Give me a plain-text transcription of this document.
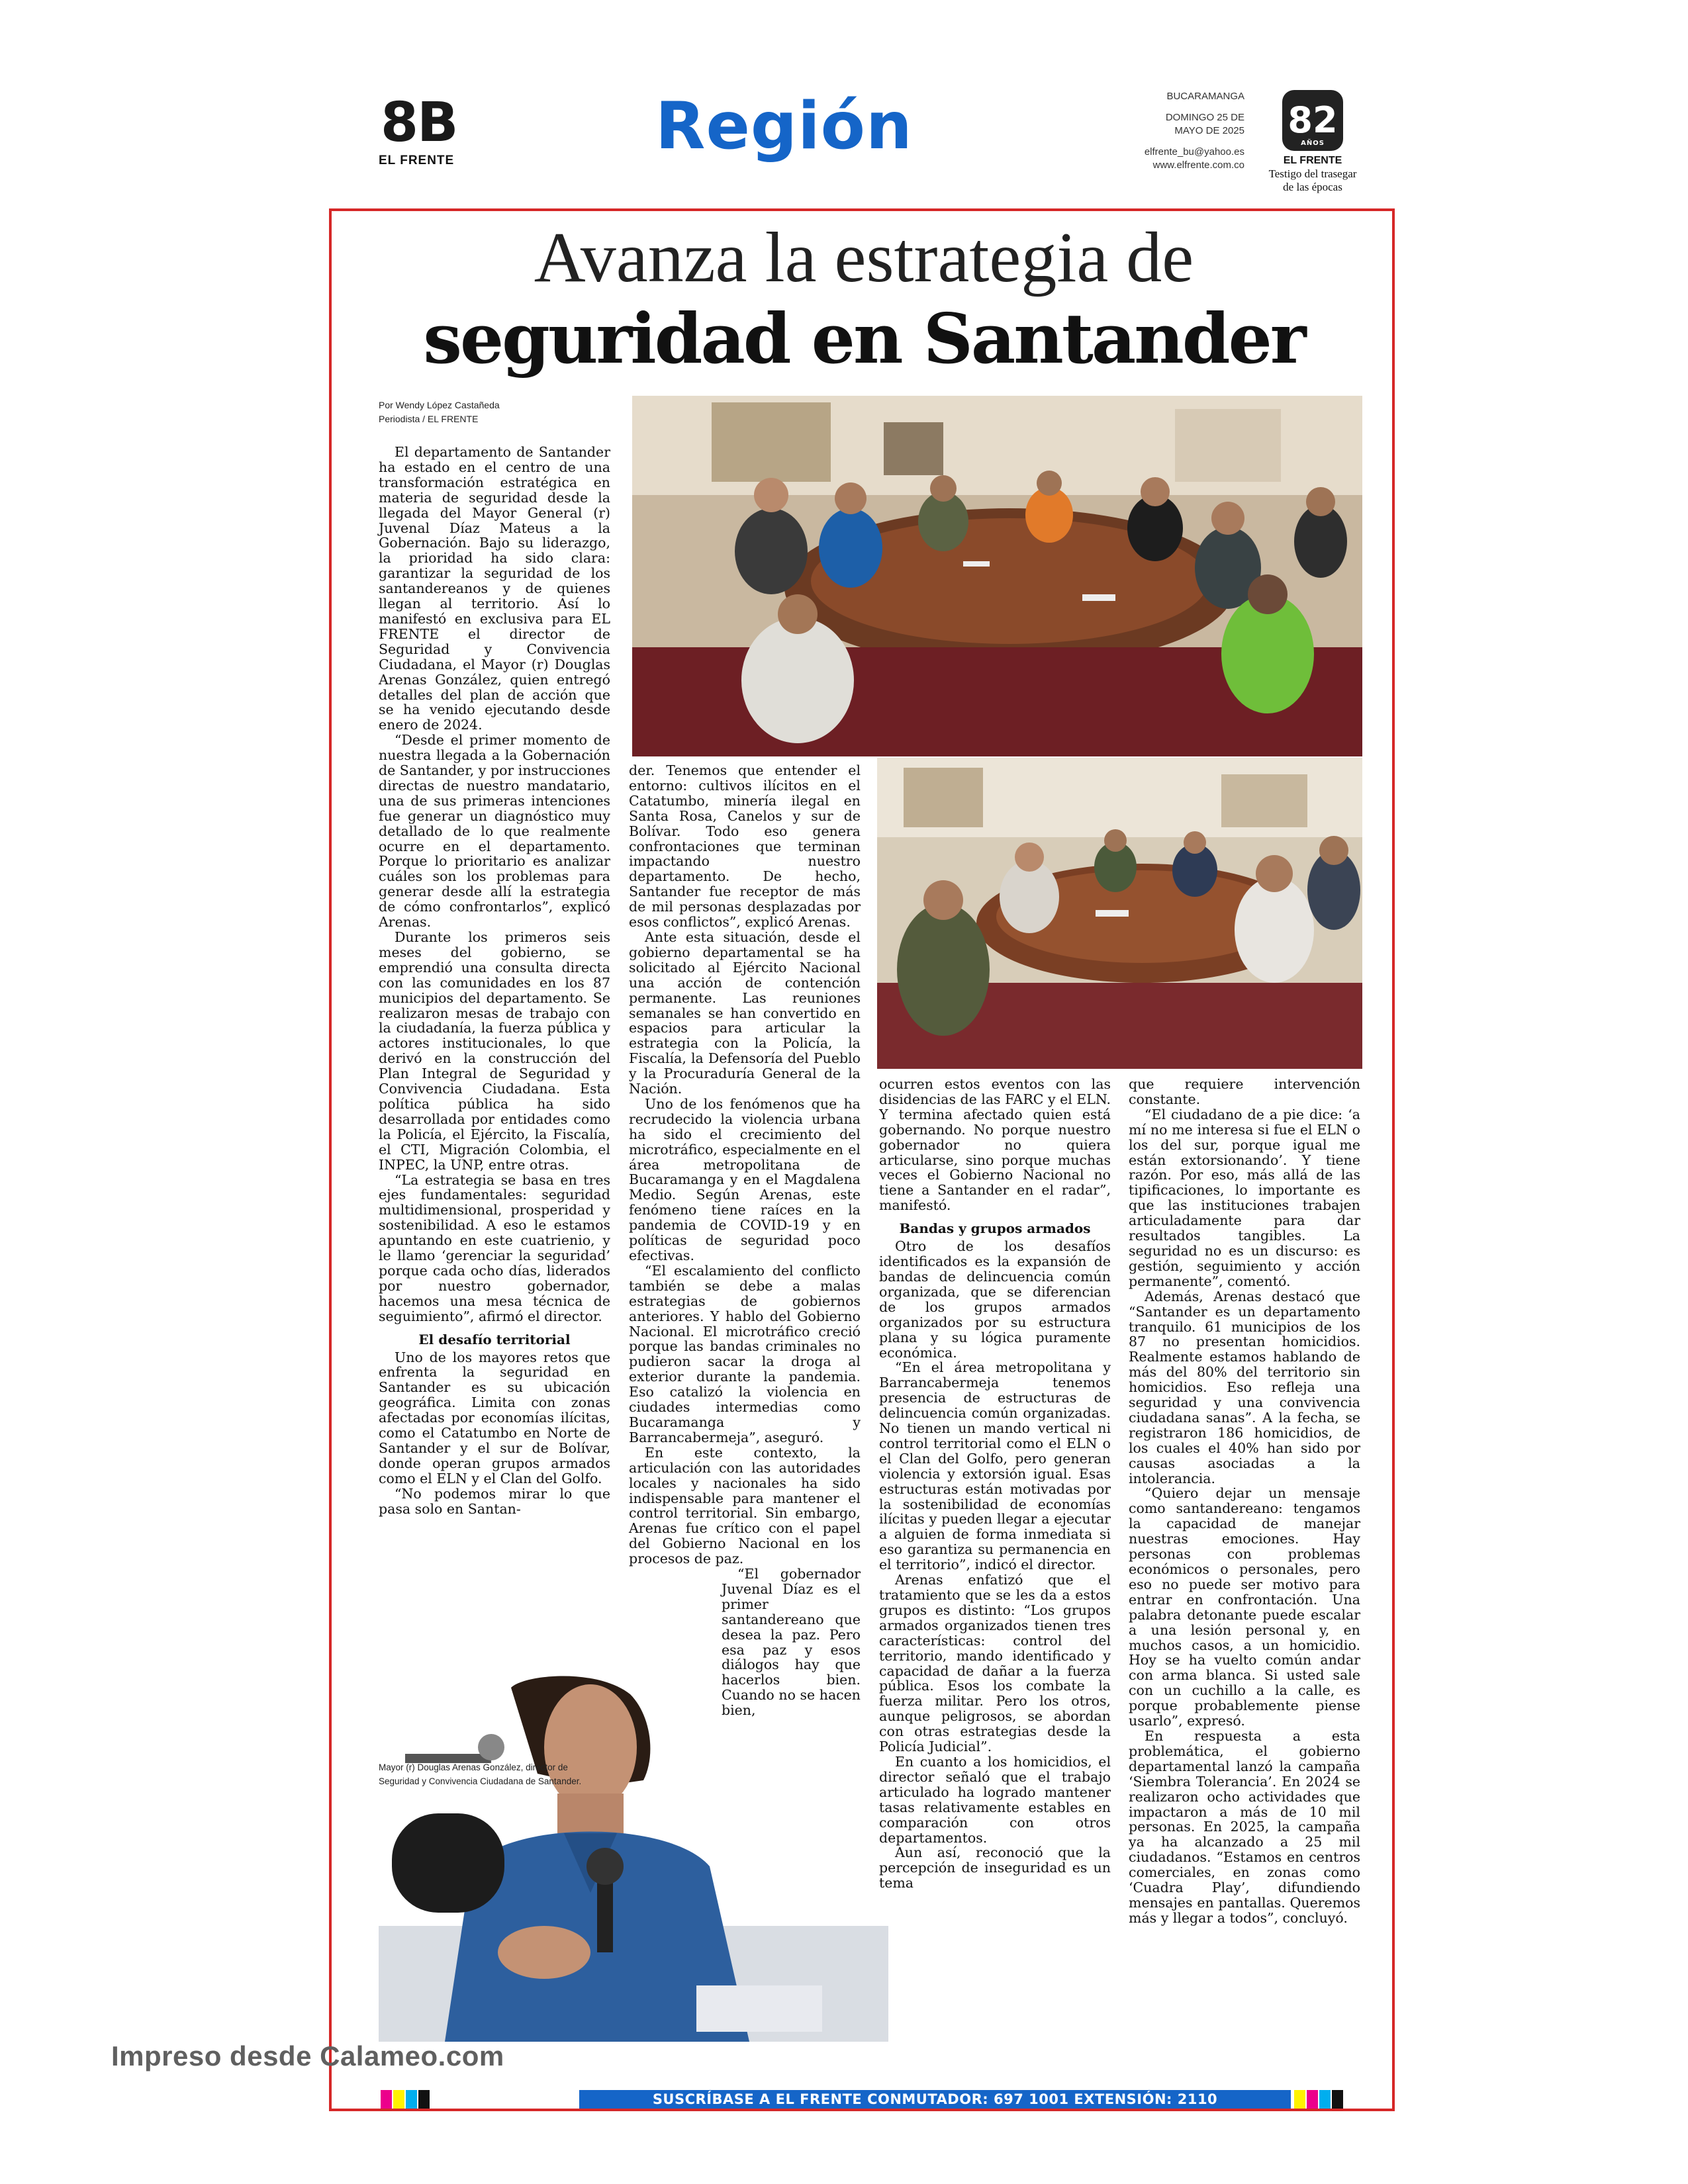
8B
EL FRENTE	Región	BUCARAMANGA
DOMINGO 25 DE
MAYO DE 2025
elfrente_bu@yahoo.es
www.elfrente.com.co
82
AÑOS
EL FRENTE
Testigo del trasegar
de las épocas
Avanza la estrategia de
seguridad en Santander
Por Wendy López Castañeda
Periodista / EL FRENTE
Mayor (r) Douglas Arenas González, director de Seguridad y Convivencia Ciudadana de Santander.

El departamento de Santander ha estado en el centro de una transformación estratégica en materia de seguridad desde la llegada del Mayor General (r) Juvenal Díaz Mateus a la Gobernación. Bajo su liderazgo, la prioridad ha sido clara: garantizar la seguridad de los santandereanos y de quienes llegan al territorio. Así lo manifestó en exclusiva para EL FRENTE el director de Seguridad y Convivencia Ciudadana, el Mayor (r) Douglas Arenas González, quien entregó detalles del plan de acción que se ha venido ejecutando desde enero de 2024.

“Desde el primer momento de nuestra llegada a la Gobernación de Santander, y por instrucciones directas de nuestro mandatario, una de sus primeras intenciones fue generar un diagnóstico muy detallado de lo que realmente ocurre en el departamento. Porque lo prioritario es analizar cuáles son los problemas para generar desde allí la estrategia de cómo confrontarlos”, explicó Arenas.

Durante los primeros seis meses del gobierno, se emprendió una consulta directa con las comunidades en los 87 municipios del departamento. Se realizaron mesas de trabajo con la ciudadanía, la fuerza pública y actores institucionales, lo que derivó en la construcción del Plan Integral de Seguridad y Convivencia Ciudadana. Esta política pública ha sido desarrollada por entidades como la Policía, el Ejército, la Fiscalía, el CTI, Migración Colombia, el INPEC, la UNP, entre otras.

“La estrategia se basa en tres ejes fundamentales: seguridad multidimensional, prosperidad y sostenibilidad. A eso le estamos apuntando en este cuatrienio, y le llamo ‘gerenciar la seguridad’ porque cada ocho días, liderados por nuestro gobernador, hacemos una mesa técnica de seguimiento”, afirmó el director.

El desafío territorial

Uno de los mayores retos que enfrenta la seguridad en Santander es su ubicación geográfica. Limita con zonas afectadas por economías ilícitas, como el Catatumbo en Norte de Santander y el sur de Bolívar, donde operan grupos armados como el ELN y el Clan del Golfo.

“No podemos mirar lo que pasa solo en Santan-

der. Tenemos que entender el entorno: cultivos ilícitos en el Catatumbo, minería ilegal en Santa Rosa, Canelos y sur de Bolívar. Todo eso genera confrontaciones que terminan impactando nuestro departamento. De hecho, Santander fue receptor de más de mil personas desplazadas por esos conflictos”, explicó Arenas.

Ante esta situación, desde el gobierno departamental se ha solicitado al Ejército Nacional una acción de contención permanente. Las reuniones semanales se han convertido en espacios para articular la estrategia con la Policía, la Fiscalía, la Defensoría del Pueblo y la Procuraduría General de la Nación.

Uno de los fenómenos que ha recrudecido la violencia urbana ha sido el crecimiento del microtráfico, especialmente en el área metropolitana de Bucaramanga y en el Magdalena Medio. Según Arenas, este fenómeno tiene raíces en la pandemia de COVID-19 y en políticas de seguridad poco efectivas.

“El escalamiento del conflicto también se debe a malas estrategias de gobiernos anteriores. Y hablo del Gobierno Nacional. El microtráfico creció porque las bandas criminales no pudieron sacar la droga al exterior durante la pandemia. Eso catalizó la violencia en ciudades intermedias como Bucaramanga y Barrancabermeja”, aseguró.

En este contexto, la articulación con las autoridades locales y nacionales ha sido indispensable para mantener el control territorial. Sin embargo, Arenas fue crítico con el papel del Gobierno Nacional en los procesos de paz.

“El gobernador Juvenal Díaz es el primer santandereano que desea la paz. Pero esa paz y esos diálogos hay que hacerlos bien. Cuando no se hacen bien,

ocurren estos eventos con las disidencias de las FARC y el ELN. Y termina afectado quien está gobernando. No porque nuestro gobernador no quiera articularse, sino porque muchas veces el Gobierno Nacional no tiene a Santander en el radar”, manifestó.

Bandas y grupos armados

Otro de los desafíos identificados es la expansión de bandas de delincuencia común organizada, que se diferencian de los grupos armados organizados por su estructura plana y su lógica puramente económica.

“En el área metropolitana y Barrancabermeja tenemos presencia de estructuras de delincuencia común organizadas. No tienen un mando vertical ni control territorial como el ELN o el Clan del Golfo, pero generan violencia y extorsión igual. Esas estructuras están motivadas por la sostenibilidad de economías ilícitas y pueden llegar a ejecutar a alguien de forma inmediata si eso garantiza su permanencia en el territorio”, indicó el director.

Arenas enfatizó que el tratamiento que se les da a estos grupos es distinto: “Los grupos armados organizados tienen tres características: control del territorio, mando identificado y capacidad de dañar a la fuerza pública. Esos los combate la fuerza militar. Pero los otros, aunque peligrosos, se abordan con otras estrategias desde la Policía Judicial”.

En cuanto a los homicidios, el director señaló que el trabajo articulado ha logrado mantener tasas relativamente estables en comparación con otros departamentos.

Aun así, reconoció que la percepción de inseguridad es un tema

que requiere intervención constante.

“El ciudadano de a pie dice: ‘a mí no me interesa si fue el ELN o los del sur, porque igual me están extorsionando’. Y tiene razón. Por eso, más allá de las tipificaciones, lo importante es que las instituciones trabajen articuladamente para dar resultados tangibles. La seguridad no es un discurso: es gestión, seguimiento y acción permanente”, comentó.

Además, Arenas destacó que “Santander es un departamento tranquilo. 61 municipios de los 87 no presentan homicidios. Realmente estamos hablando de más del 80% del territorio sin homicidios. Eso refleja una seguridad y una convivencia ciudadana sanas”. A la fecha, se registraron 186 homicidios, de los cuales el 40% han sido por causas asociadas a la intolerancia.

“Quiero dejar un mensaje como santandereano: tengamos la capacidad de manejar nuestras emociones. Hay personas con problemas económicos o personales, pero eso no puede ser motivo para entrar en confrontación. Una palabra detonante puede escalar a una lesión personal y, en muchos casos, a un homicidio. Hoy se ha vuelto común andar con arma blanca. Si usted sale con un cuchillo a la calle, es porque probablemente piense usarlo”, expresó.

En respuesta a esta problemática, el gobierno departamental lanzó la campaña ‘Siembra Tolerancia’. En 2024 se realizaron ocho actividades que impactaron a más de 10 mil personas. En 2025, la campaña ya ha alcanzado a 25 mil ciudadanos. “Estamos en centros comerciales, en zonas como ‘Cuadra Play’, difundiendo mensajes en pantallas. Queremos más y llegar a todos”, concluyó.

SUSCRÍBASE A EL FRENTE CONMUTADOR: 697 1001 EXTENSIÓN: 2110
Impreso desde Calameo.com
